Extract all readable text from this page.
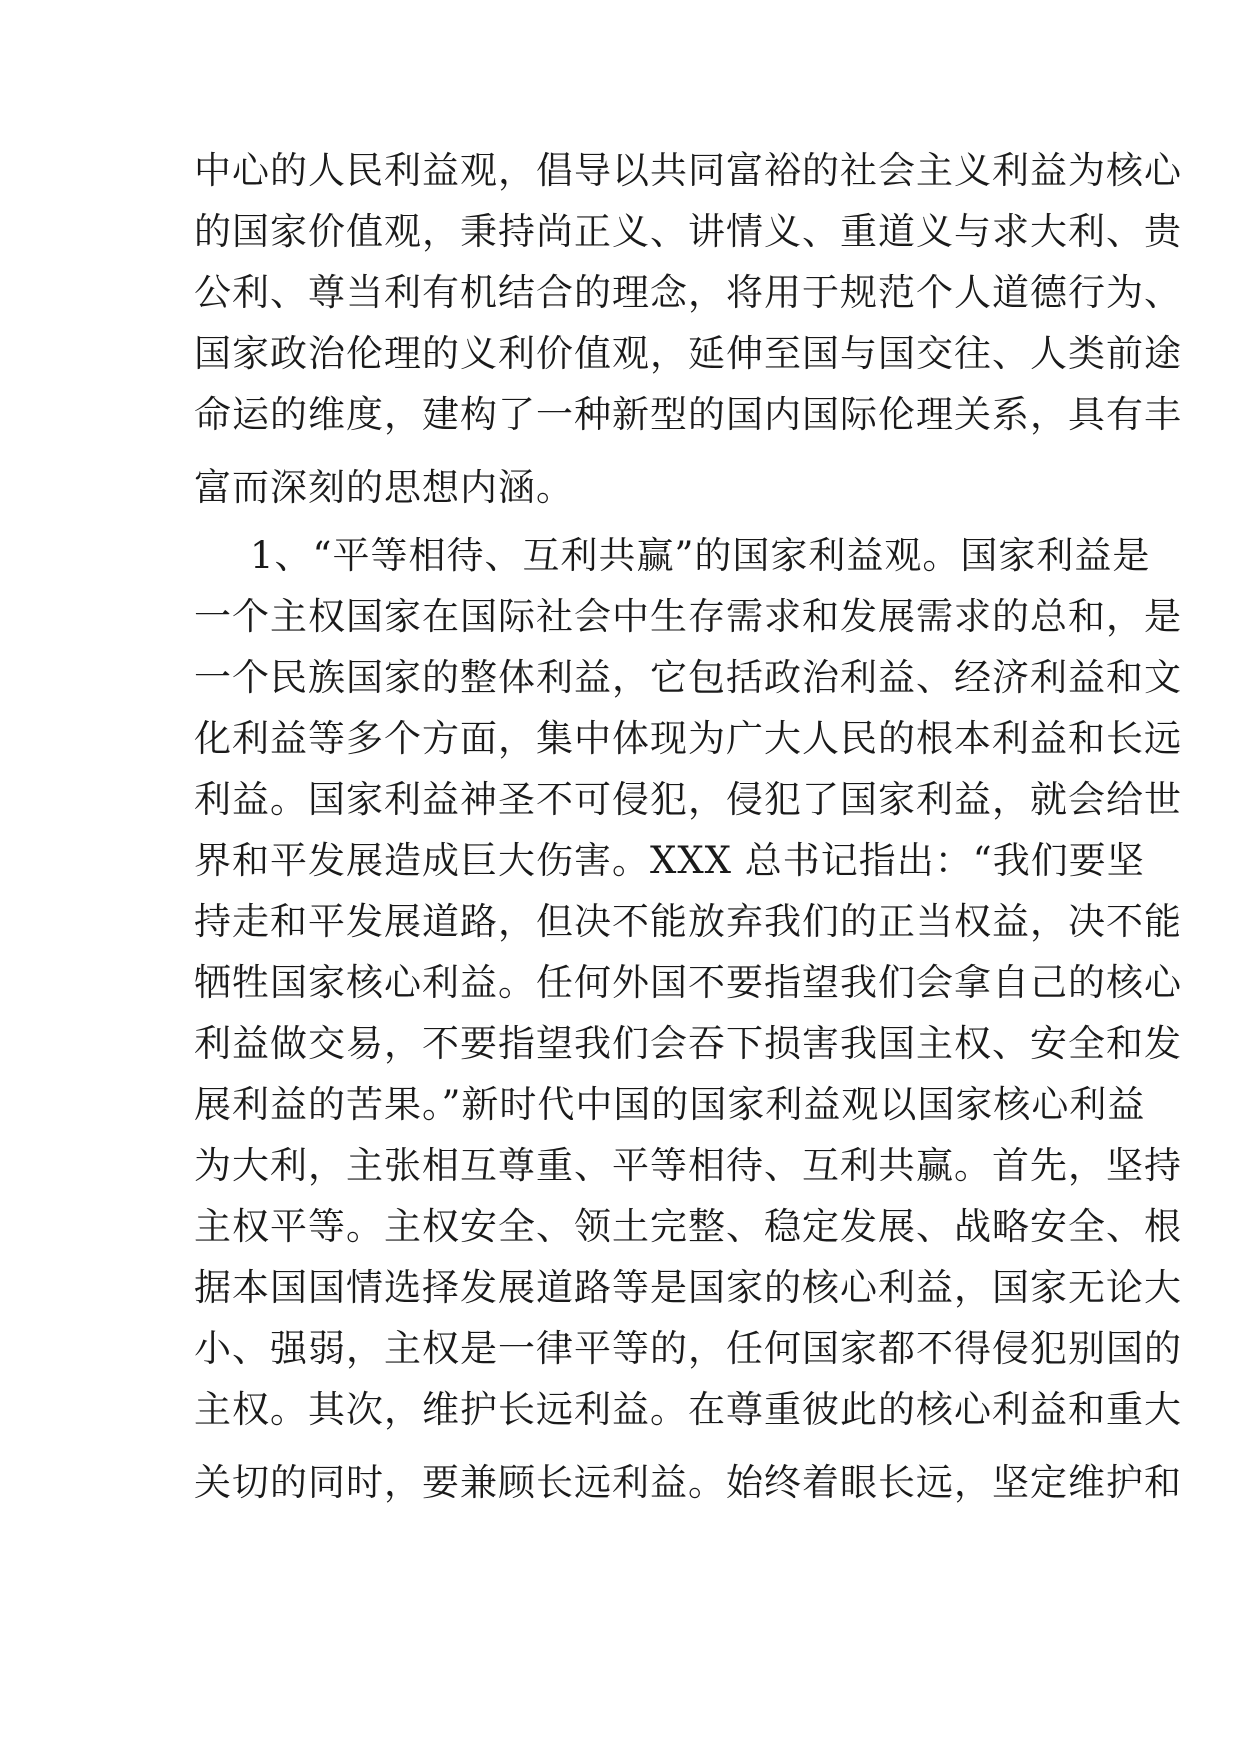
中心的人民利益观，倡导以共同富裕的社会主义利益为核心
的国家价值观，秉持尚正义、讲情义、重道义与求大利、贵
公利、尊当利有机结合的理念，将用于规范个人道德行为、
国家政治伦理的义利价值观，延伸至国与国交往、人类前途
命运的维度，建构了一种新型的国内国际伦理关系，具有丰
富而深刻的思想内涵。
1、“平等相待、互利共赢”的国家利益观。国家利益是
一个主权国家在国际社会中生存需求和发展需求的总和，是
一个民族国家的整体利益，它包括政治利益、经济利益和文
化利益等多个方面，集中体现为广大人民的根本利益和长远
利益。国家利益神圣不可侵犯，侵犯了国家利益，就会给世
界和平发展造成巨大伤害。XXX 总书记指出：“我们要坚
持走和平发展道路，但决不能放弃我们的正当权益，决不能
牺牲国家核心利益。任何外国不要指望我们会拿自己的核心
利益做交易，不要指望我们会吞下损害我国主权、安全和发
展利益的苦果。”新时代中国的国家利益观以国家核心利益
为大利，主张相互尊重、平等相待、互利共赢。首先，坚持
主权平等。主权安全、领土完整、稳定发展、战略安全、根
据本国国情选择发展道路等是国家的核心利益，国家无论大
小、强弱，主权是一律平等的，任何国家都不得侵犯别国的
主权。其次，维护长远利益。在尊重彼此的核心利益和重大
关切的同时，要兼顾长远利益。始终着眼长远，坚定维护和
